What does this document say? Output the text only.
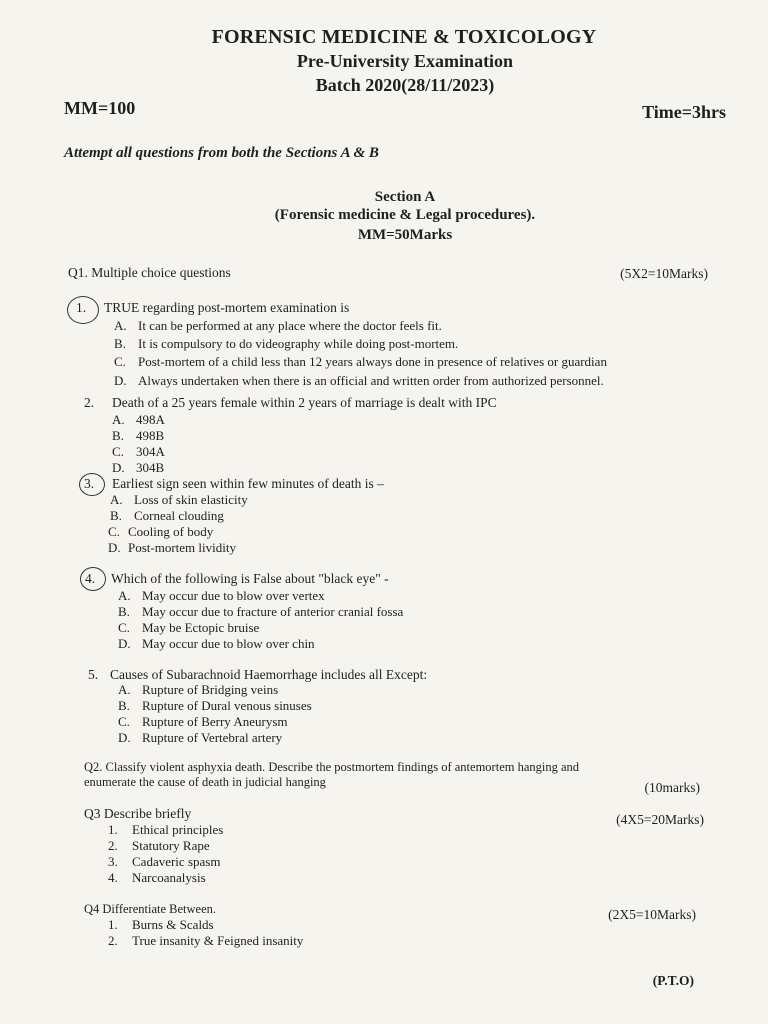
FORENSIC MEDICINE & TOXICOLOGY
Pre-University Examination
Batch 2020(28/11/2023)
MM=100	Time=3hrs
Attempt all questions from both the Sections A & B
Section A
(Forensic medicine & Legal procedures).
MM=50Marks
Q1. Multiple choice questions	(5X2=10Marks)
1. TRUE regarding post-mortem examination is
A. It can be performed at any place where the doctor feels fit.
B. It is compulsory to do videography while doing post-mortem.
C. Post-mortem of a child less than 12 years always done in presence of relatives or guardian
D. Always undertaken when there is an official and written order from authorized personnel.
2. Death of a 25 years female within 2 years of marriage is dealt with IPC
A. 498A
B. 498B
C. 304A
D. 304B
3. Earliest sign seen within few minutes of death is –
A. Loss of skin elasticity
B. Corneal clouding
C. Cooling of body
D. Post-mortem lividity
4. Which of the following is False about "black eye" -
A. May occur due to blow over vertex
B. May occur due to fracture of anterior cranial fossa
C. May be Ectopic bruise
D. May occur due to blow over chin
5. Causes of Subarachnoid Haemorrhage includes all Except:
A. Rupture of Bridging veins
B. Rupture of Dural venous sinuses
C. Rupture of Berry Aneurysm
D. Rupture of Vertebral artery
Q2. Classify violent asphyxia death. Describe the postmortem findings of antemortem hanging and
enumerate the cause of death in judicial hanging	(10marks)
Q3 Describe briefly	(4X5=20Marks)
1. Ethical principles
2. Statutory Rape
3. Cadaveric spasm
4. Narcoanalysis
Q4 Differentiate Between.	(2X5=10Marks)
1. Burns & Scalds
2. True insanity & Feigned insanity
(P.T.O)
